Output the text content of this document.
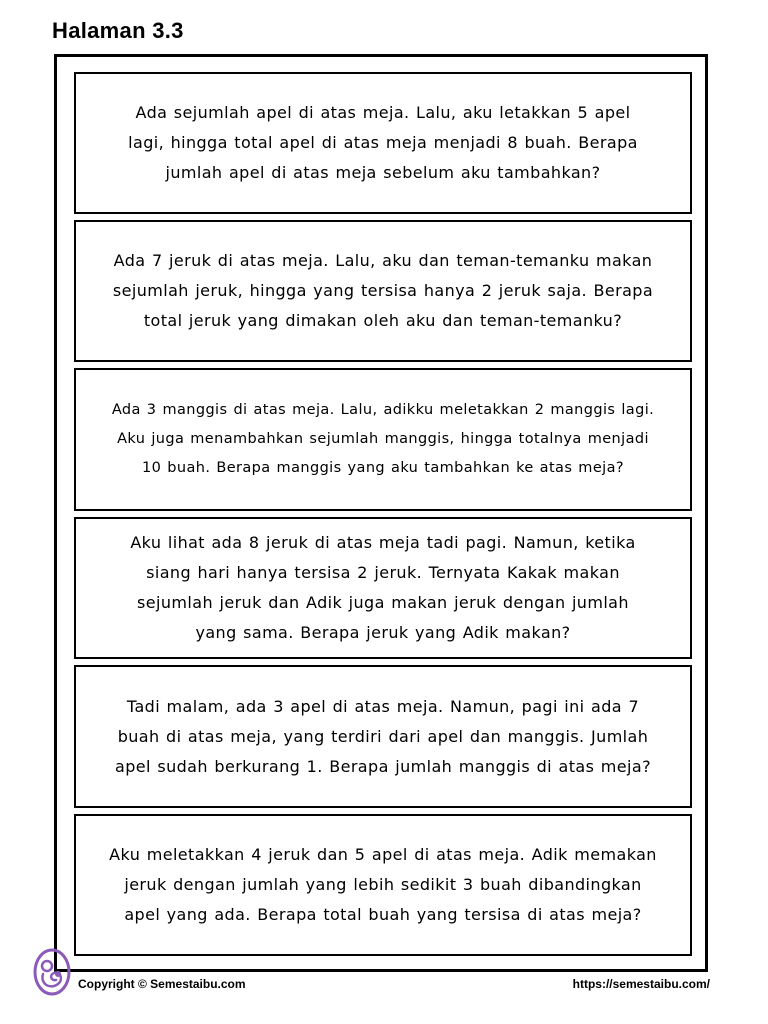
Halaman 3.3

Ada sejumlah apel di atas meja. Lalu, aku letakkan 5 apel
lagi, hingga total apel di atas meja menjadi 8 buah. Berapa
jumlah apel di atas meja sebelum aku tambahkan?

Ada 7 jeruk di atas meja. Lalu, aku dan teman-temanku makan
sejumlah jeruk, hingga yang tersisa hanya 2 jeruk saja. Berapa
total jeruk yang dimakan oleh aku dan teman-temanku?

Ada 3 manggis di atas meja. Lalu, adikku meletakkan 2 manggis lagi.
Aku juga menambahkan sejumlah manggis, hingga totalnya menjadi
10 buah. Berapa manggis yang aku tambahkan ke atas meja?

Aku lihat ada 8 jeruk di atas meja tadi pagi. Namun, ketika
siang hari hanya tersisa 2 jeruk. Ternyata Kakak makan
sejumlah jeruk dan Adik juga makan jeruk dengan jumlah
yang sama. Berapa jeruk yang Adik makan?

Tadi malam, ada 3 apel di atas meja. Namun, pagi ini ada 7
buah di atas meja, yang terdiri dari apel dan manggis. Jumlah
apel sudah berkurang 1. Berapa jumlah manggis di atas meja?

Aku meletakkan 4 jeruk dan 5 apel di atas meja. Adik memakan
jeruk dengan jumlah yang lebih sedikit 3 buah dibandingkan
apel yang ada. Berapa total buah yang tersisa di atas meja?

Copyright © Semestaibu.com	https://semestaibu.com/
